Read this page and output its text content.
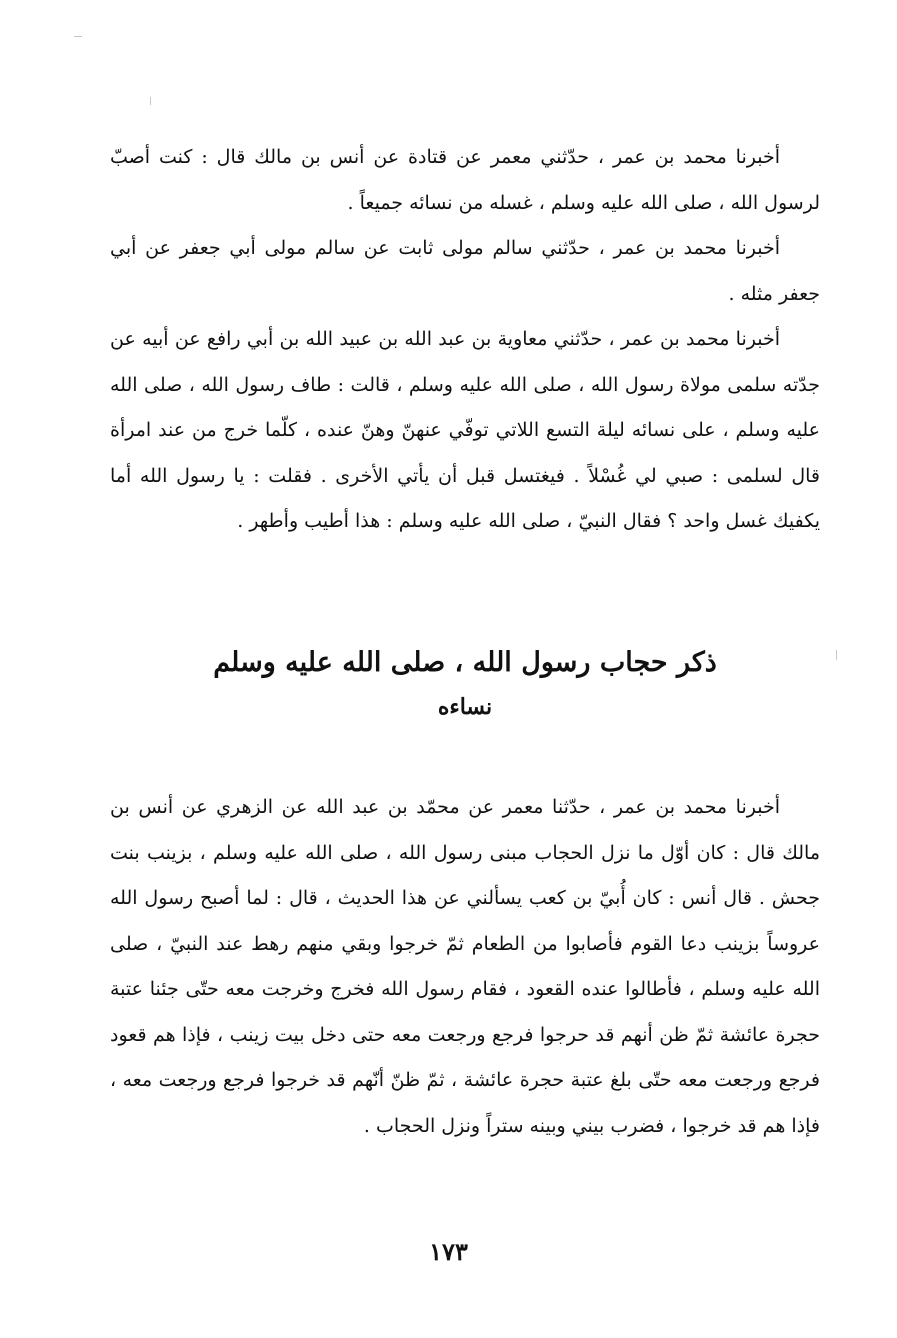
أخبرنا محمد بن عمر ، حدّثني معمر عن قتادة عن أنس بن مالك قال : كنت أصبّ لرسول الله ، صلى الله عليه وسلم ، غسله من نسائه جميعاً .

أخبرنا محمد بن عمر ، حدّثني سالم مولى ثابت عن سالم مولى أبي جعفر عن أبي جعفر مثله .

أخبرنا محمد بن عمر ، حدّثني معاوية بن عبد الله بن عبيد الله بن أبي رافع عن أبيه عن جدّته سلمى مولاة رسول الله ، صلى الله عليه وسلم ، قالت : طاف رسول الله ، صلى الله عليه وسلم ، على نسائه ليلة التسع اللاتي توفّي عنهنّ وهنّ عنده ، كلّما خرج من عند امرأة قال لسلمى : صبي لي غُسْلاً . فيغتسل قبل أن يأتي الأخرى . فقلت : يا رسول الله أما يكفيك غسل واحد ؟ فقال النبيّ ، صلى الله عليه وسلم : هذا أطيب وأطهر .

ذكر حجاب رسول الله ، صلى الله عليه وسلم

نساءه

أخبرنا محمد بن عمر ، حدّثنا معمر عن محمّد بن عبد الله عن الزهري عن أنس بن مالك قال : كان أوّل ما نزل الحجاب مبنى رسول الله ، صلى الله عليه وسلم ، بزينب بنت جحش . قال أنس : كان أُبيّ بن كعب يسألني عن هذا الحديث ، قال : لما أصبح رسول الله عروساً بزينب دعا القوم فأصابوا من الطعام ثمّ خرجوا وبقي منهم رهط عند النبيّ ، صلى الله عليه وسلم ، فأطالوا عنده القعود ، فقام رسول الله فخرج وخرجت معه حتّى جئنا عتبة حجرة عائشة ثمّ ظن أنهم قد حرجوا فرجع ورجعت معه حتى دخل بيت زينب ، فإذا هم قعود فرجع ورجعت معه حتّى بلغ عتبة حجرة عائشة ، ثمّ ظنّ أنّهم قد خرجوا فرجع ورجعت معه ، فإذا هم قد خرجوا ، فضرب بيني وبينه ستراً ونزل الحجاب .

١٧٣
